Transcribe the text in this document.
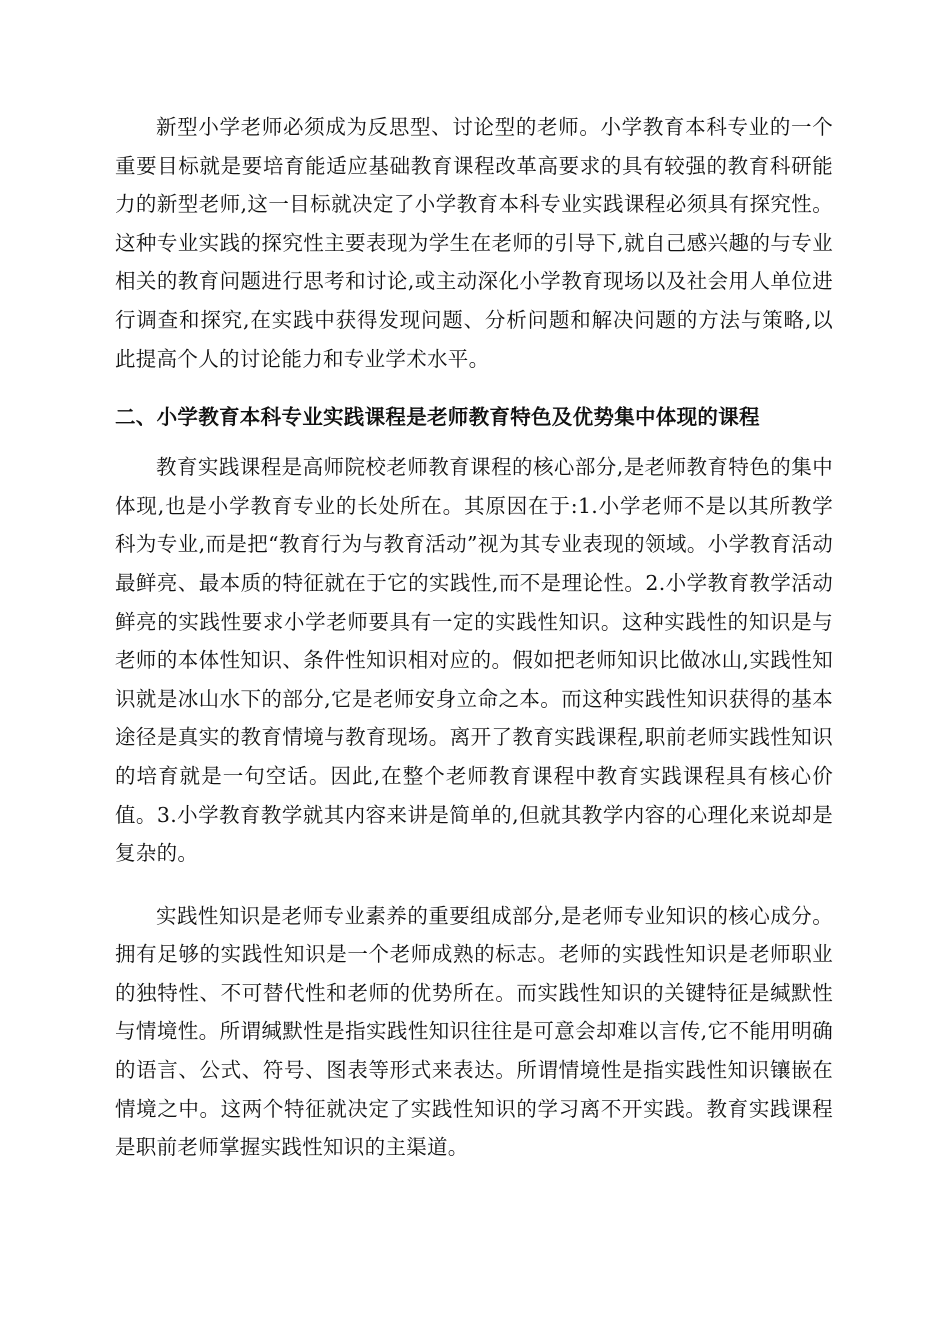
新型小学老师必须成为反思型、讨论型的老师。小学教育本科专业的一个重要目标就是要培育能适应基础教育课程改革高要求的具有较强的教育科研能力的新型老师,这一目标就决定了小学教育本科专业实践课程必须具有探究性。这种专业实践的探究性主要表现为学生在老师的引导下,就自己感兴趣的与专业相关的教育问题进行思考和讨论,或主动深化小学教育现场以及社会用人单位进行调查和探究,在实践中获得发现问题、分析问题和解决问题的方法与策略,以此提高个人的讨论能力和专业学术水平。

二、小学教育本科专业实践课程是老师教育特色及优势集中体现的课程

教育实践课程是高师院校老师教育课程的核心部分,是老师教育特色的集中体现,也是小学教育专业的长处所在。其原因在于:1.小学老师不是以其所教学科为专业,而是把“教育行为与教育活动”视为其专业表现的领域。小学教育活动最鲜亮、最本质的特征就在于它的实践性,而不是理论性。2.小学教育教学活动鲜亮的实践性要求小学老师要具有一定的实践性知识。这种实践性的知识是与老师的本体性知识、条件性知识相对应的。假如把老师知识比做冰山,实践性知识就是冰山水下的部分,它是老师安身立命之本。而这种实践性知识获得的基本途径是真实的教育情境与教育现场。离开了教育实践课程,职前老师实践性知识的培育就是一句空话。因此,在整个老师教育课程中教育实践课程具有核心价值。3.小学教育教学就其内容来讲是简单的,但就其教学内容的心理化来说却是复杂的。

实践性知识是老师专业素养的重要组成部分,是老师专业知识的核心成分。拥有足够的实践性知识是一个老师成熟的标志。老师的实践性知识是老师职业的独特性、不可替代性和老师的优势所在。而实践性知识的关键特征是缄默性与情境性。所谓缄默性是指实践性知识往往是可意会却难以言传,它不能用明确的语言、公式、符号、图表等形式来表达。所谓情境性是指实践性知识镶嵌在情境之中。这两个特征就决定了实践性知识的学习离不开实践。教育实践课程是职前老师掌握实践性知识的主渠道。
